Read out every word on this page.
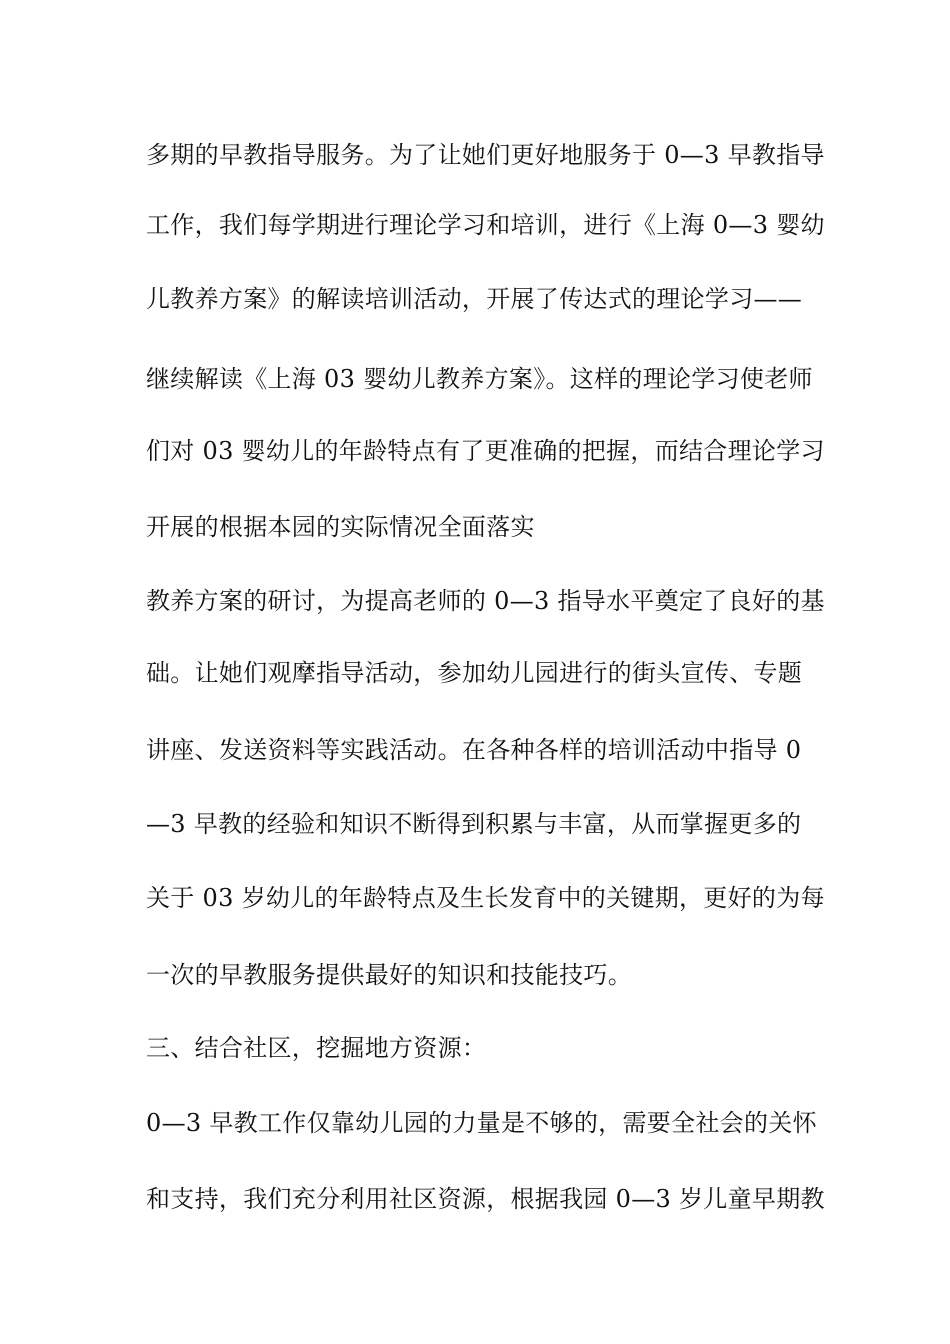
多期的早教指导服务。为了让她们更好地服务于 0—3 早教指导
工作，我们每学期进行理论学习和培训，进行《上海 0—3 婴幼
儿教养方案》的解读培训活动，开展了传达式的理论学习——
继续解读《上海 03 婴幼儿教养方案》。这样的理论学习使老师
们对 03 婴幼儿的年龄特点有了更准确的把握，而结合理论学习
开展的根据本园的实际情况全面落实
教养方案的研讨，为提高老师的 0—3 指导水平奠定了良好的基
础。让她们观摩指导活动，参加幼儿园进行的街头宣传、专题
讲座、发送资料等实践活动。在各种各样的培训活动中指导 0
—3 早教的经验和知识不断得到积累与丰富，从而掌握更多的
关于 03 岁幼儿的年龄特点及生长发育中的关键期，更好的为每
一次的早教服务提供最好的知识和技能技巧。
三、结合社区，挖掘地方资源：
0—3 早教工作仅靠幼儿园的力量是不够的，需要全社会的关怀
和支持，我们充分利用社区资源，根据我园 0—3 岁儿童早期教
